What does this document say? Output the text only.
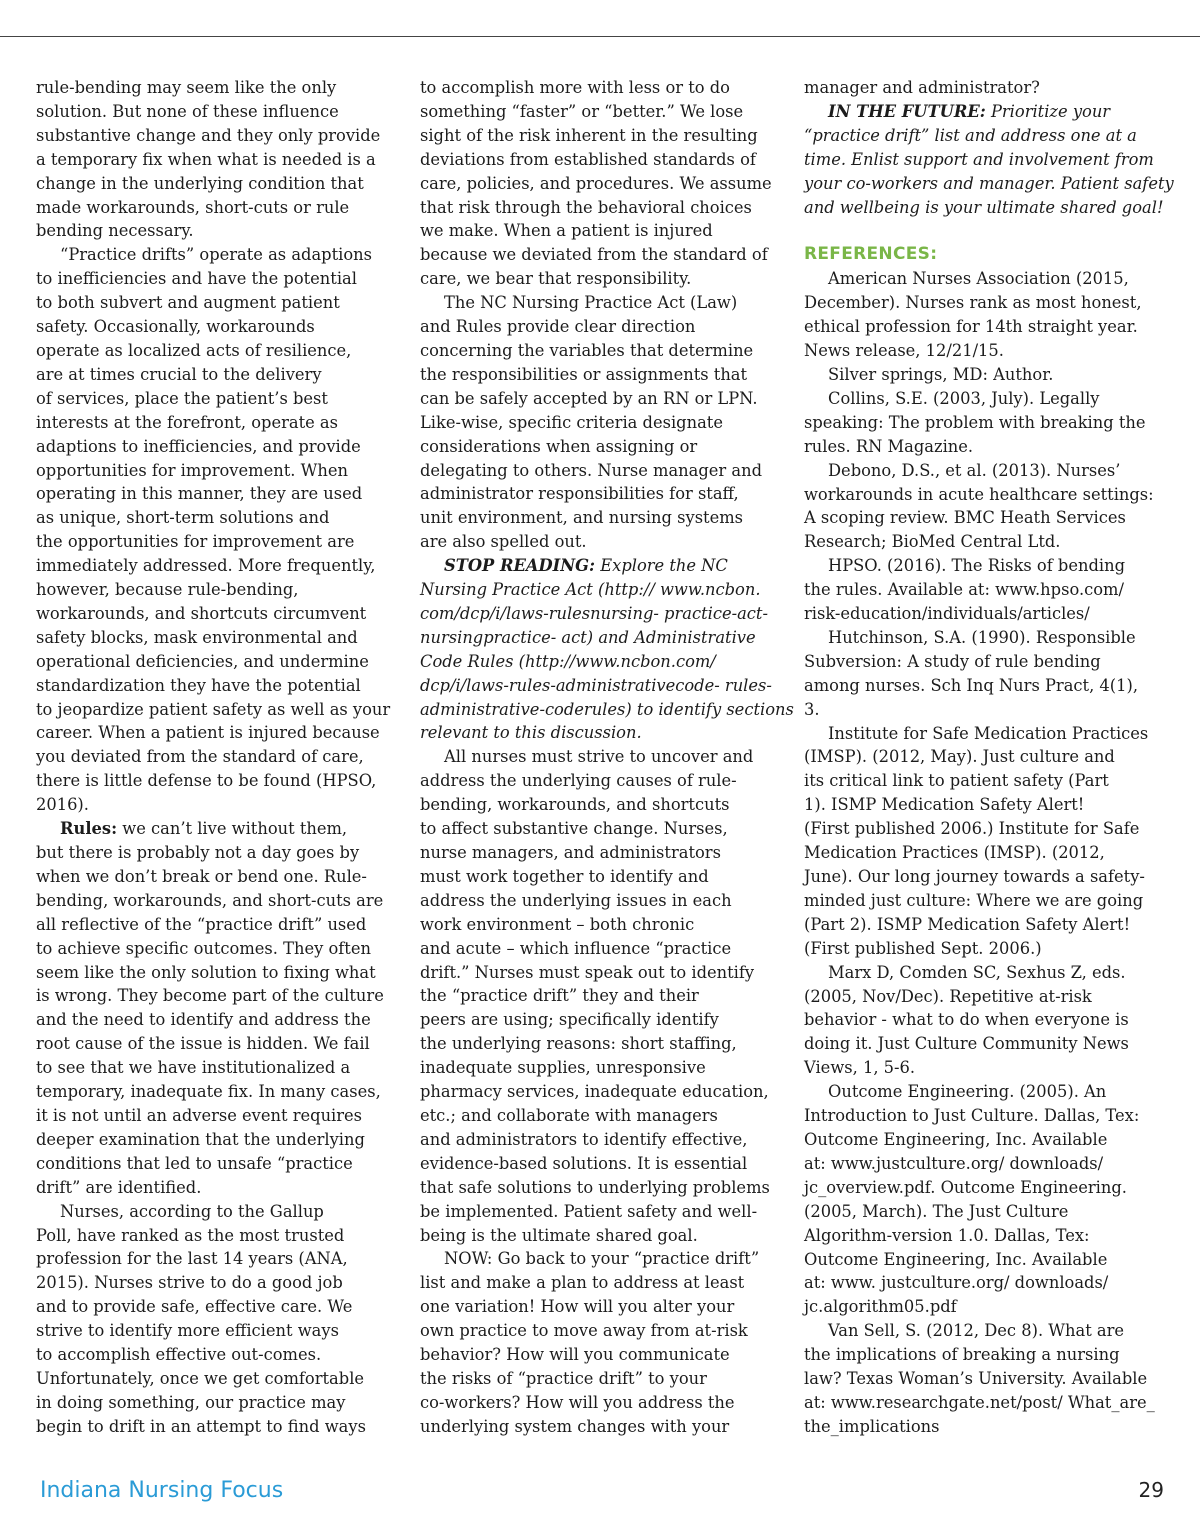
rule-bending may seem like the only
solution. But none of these influence
substantive change and they only provide
a temporary fix when what is needed is a
change in the underlying condition that
made workarounds, short-cuts or rule
bending necessary.
“Practice drifts” operate as adaptions
to inefficiencies and have the potential
to both subvert and augment patient
safety. Occasionally, workarounds
operate as localized acts of resilience,
are at times crucial to the delivery
of services, place the patient’s best
interests at the forefront, operate as
adaptions to inefficiencies, and provide
opportunities for improvement. When
operating in this manner, they are used
as unique, short-term solutions and
the opportunities for improvement are
immediately addressed. More frequently,
however, because rule-bending,
workarounds, and shortcuts circumvent
safety blocks, mask environmental and
operational deficiencies, and undermine
standardization they have the potential
to jeopardize patient safety as well as your
career. When a patient is injured because
you deviated from the standard of care,
there is little defense to be found (HPSO,
2016).
Rules: we can’t live without them,
but there is probably not a day goes by
when we don’t break or bend one. Rule-
bending, workarounds, and short-cuts are
all reflective of the “practice drift” used
to achieve specific outcomes. They often
seem like the only solution to fixing what
is wrong. They become part of the culture
and the need to identify and address the
root cause of the issue is hidden. We fail
to see that we have institutionalized a
temporary, inadequate fix. In many cases,
it is not until an adverse event requires
deeper examination that the underlying
conditions that led to unsafe “practice
drift” are identified.
Nurses, according to the Gallup
Poll, have ranked as the most trusted
profession for the last 14 years (ANA,
2015). Nurses strive to do a good job
and to provide safe, effective care. We
strive to identify more efficient ways
to accomplish effective out-comes.
Unfortunately, once we get comfortable
in doing something, our practice may
begin to drift in an attempt to find ways
to accomplish more with less or to do
something “faster” or “better.” We lose
sight of the risk inherent in the resulting
deviations from established standards of
care, policies, and procedures. We assume
that risk through the behavioral choices
we make. When a patient is injured
because we deviated from the standard of
care, we bear that responsibility.
The NC Nursing Practice Act (Law)
and Rules provide clear direction
concerning the variables that determine
the responsibilities or assignments that
can be safely accepted by an RN or LPN.
Like-wise, specific criteria designate
considerations when assigning or
delegating to others. Nurse manager and
administrator responsibilities for staff,
unit environment, and nursing systems
are also spelled out.
STOP READING: Explore the NC
Nursing Practice Act (http:// www.ncbon.
com/dcp/i/laws-rulesnursing- practice-act-
nursingpractice- act) and Administrative
Code Rules (http://www.ncbon.com/
dcp/i/laws-rules-administrativecode- rules-
administrative-coderules) to identify sections
relevant to this discussion.
All nurses must strive to uncover and
address the underlying causes of rule-
bending, workarounds, and shortcuts
to affect substantive change. Nurses,
nurse managers, and administrators
must work together to identify and
address the underlying issues in each
work environment – both chronic
and acute – which influence “practice
drift.” Nurses must speak out to identify
the “practice drift” they and their
peers are using; specifically identify
the underlying reasons: short staffing,
inadequate supplies, unresponsive
pharmacy services, inadequate education,
etc.; and collaborate with managers
and administrators to identify effective,
evidence-based solutions. It is essential
that safe solutions to underlying problems
be implemented. Patient safety and well-
being is the ultimate shared goal.
NOW: Go back to your “practice drift”
list and make a plan to address at least
one variation! How will you alter your
own practice to move away from at-risk
behavior? How will you communicate
the risks of “practice drift” to your
co-workers? How will you address the
underlying system changes with your
manager and administrator?
IN THE FUTURE: Prioritize your
“practice drift” list and address one at a
time. Enlist support and involvement from
your co-workers and manager. Patient safety
and wellbeing is your ultimate shared goal!
REFERENCES:
American Nurses Association (2015,
December). Nurses rank as most honest,
ethical profession for 14th straight year.
News release, 12/21/15.
Silver springs, MD: Author.
Collins, S.E. (2003, July). Legally
speaking: The problem with breaking the
rules. RN Magazine.
Debono, D.S., et al. (2013). Nurses’
workarounds in acute healthcare settings:
A scoping review. BMC Heath Services
Research; BioMed Central Ltd.
HPSO. (2016). The Risks of bending
the rules. Available at: www.hpso.com/
risk-education/individuals/articles/
Hutchinson, S.A. (1990). Responsible
Subversion: A study of rule bending
among nurses. Sch Inq Nurs Pract, 4(1),
3.
Institute for Safe Medication Practices
(IMSP). (2012, May). Just culture and
its critical link to patient safety (Part
1). ISMP Medication Safety Alert!
(First published 2006.) Institute for Safe
Medication Practices (IMSP). (2012,
June). Our long journey towards a safety-
minded just culture: Where we are going
(Part 2). ISMP Medication Safety Alert!
(First published Sept. 2006.)
Marx D, Comden SC, Sexhus Z, eds.
(2005, Nov/Dec). Repetitive at-risk
behavior - what to do when everyone is
doing it. Just Culture Community News
Views, 1, 5-6.
Outcome Engineering. (2005). An
Introduction to Just Culture. Dallas, Tex:
Outcome Engineering, Inc. Available
at: www.justculture.org/ downloads/
jc_overview.pdf. Outcome Engineering.
(2005, March). The Just Culture
Algorithm-version 1.0. Dallas, Tex:
Outcome Engineering, Inc. Available
at: www. justculture.org/ downloads/
jc.algorithm05.pdf
Van Sell, S. (2012, Dec 8). What are
the implications of breaking a nursing
law? Texas Woman’s University. Available
at: www.researchgate.net/post/ What_are_
the_implications
Indiana Nursing Focus	29
